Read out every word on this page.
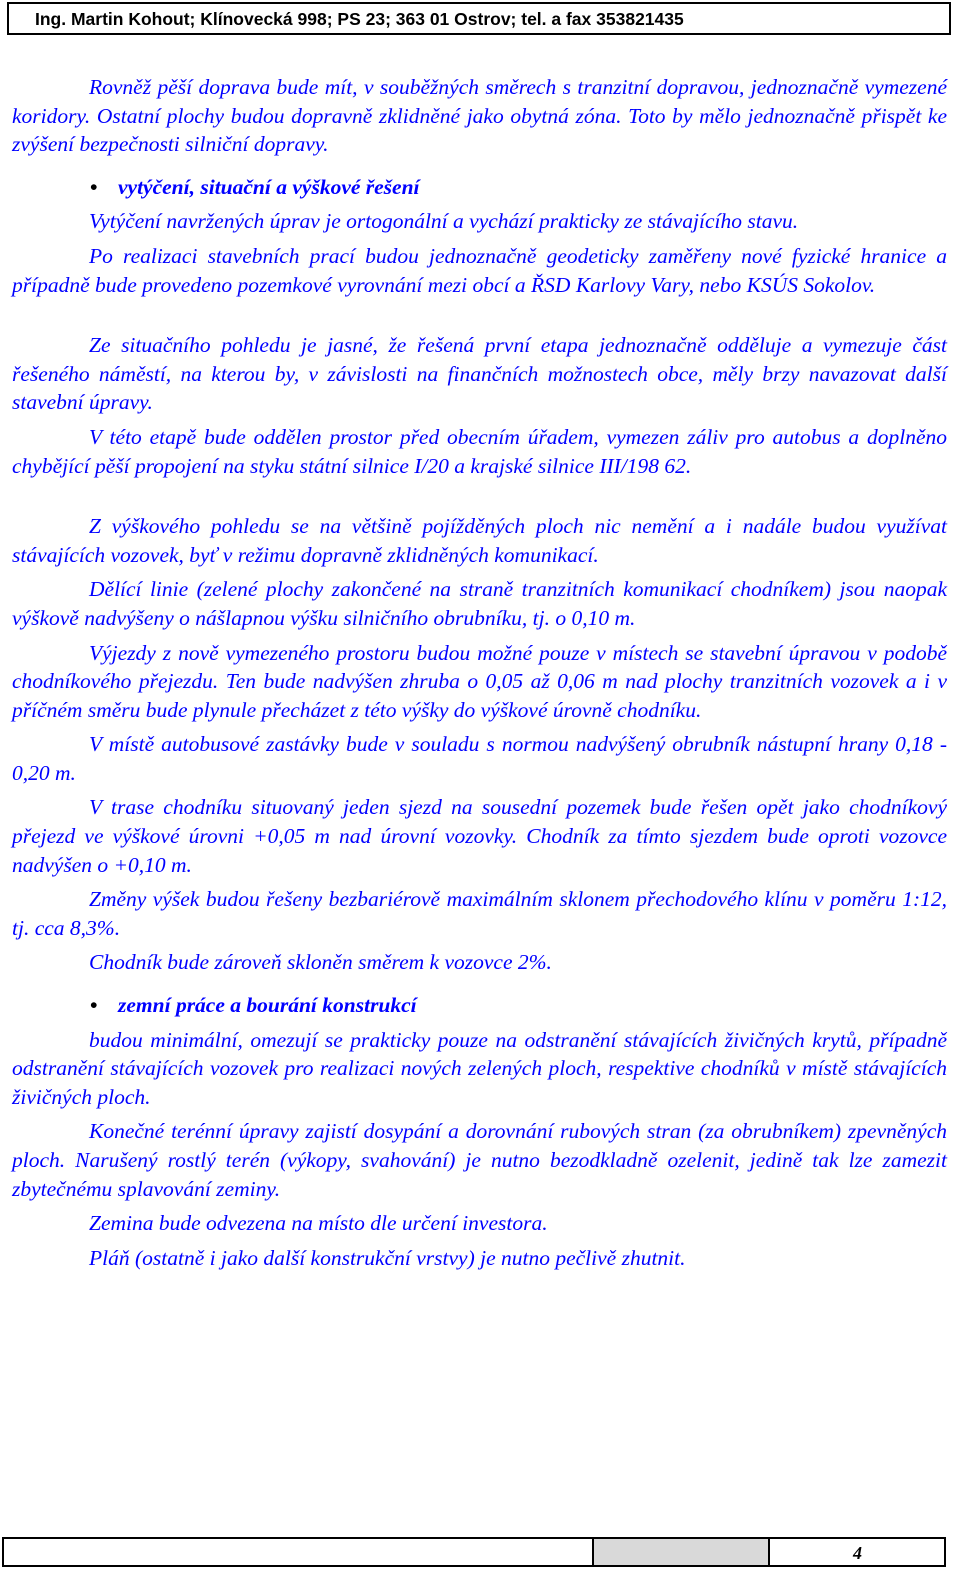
Ing. Martin Kohout; Klínovecká 998; PS 23; 363 01 Ostrov; tel. a fax 353821435

Rovněž pěší doprava bude mít, v souběžných směrech s tranzitní dopravou, jednoznačně vymezené koridory. Ostatní plochy budou dopravně zklidněné jako obytná zóna. Toto by mělo jednoznačně přispět ke zvýšení bezpečnosti silniční dopravy.

• vytýčení, situační a výškové řešení

Vytýčení navržených úprav je ortogonální a vychází prakticky ze stávajícího stavu.

Po realizaci stavebních prací budou jednoznačně geodeticky zaměřeny nové fyzické hranice a případně bude provedeno pozemkové vyrovnání mezi obcí a ŘSD Karlovy Vary, nebo KSÚS Sokolov.

Ze situačního pohledu je jasné, že řešená první etapa jednoznačně odděluje a vymezuje část řešeného náměstí, na kterou by, v závislosti na finančních možnostech obce, měly brzy navazovat další stavební úpravy.

V této etapě bude oddělen prostor před obecním úřadem, vymezen záliv pro autobus a doplněno chybějící pěší propojení na styku státní silnice I/20 a krajské silnice III/198 62.

Z výškového pohledu se na většině pojížděných ploch nic nemění a i nadále budou využívat stávajících vozovek, byť v režimu dopravně zklidněných komunikací.

Dělící linie (zelené plochy zakončené na straně tranzitních komunikací chodníkem) jsou naopak výškově nadvýšeny o nášlapnou výšku silničního obrubníku, tj. o 0,10 m.

Výjezdy z nově vymezeného prostoru budou možné pouze v místech se stavební úpravou v podobě chodníkového přejezdu. Ten bude nadvýšen zhruba o 0,05 až 0,06 m nad plochy tranzitních vozovek a i v příčném směru bude plynule přecházet z této výšky do výškové úrovně chodníku.

V místě autobusové zastávky bude v souladu s normou nadvýšený obrubník nástupní hrany 0,18 - 0,20 m.

V trase chodníku situovaný jeden sjezd na sousední pozemek bude řešen opět jako chodníkový přejezd ve výškové úrovni +0,05 m nad úrovní vozovky. Chodník za tímto sjezdem bude oproti vozovce nadvýšen o +0,10 m.

Změny výšek budou řešeny bezbariérově maximálním sklonem přechodového klínu v poměru 1:12, tj. cca 8,3%.

Chodník bude zároveň skloněn směrem k vozovce 2%.

• zemní práce a bourání konstrukcí

budou minimální, omezují se prakticky pouze na odstranění stávajících živičných krytů, případně odstranění stávajících vozovek pro realizaci nových zelených ploch, respektive chodníků v místě stávajících živičných ploch.

Konečné terénní úpravy zajistí dosypání a dorovnání rubových stran (za obrubníkem) zpevněných ploch. Narušený rostlý terén (výkopy, svahování) je nutno bezodkladně ozelenit, jedině tak lze zamezit zbytečnému splavování zeminy.

Zemina bude odvezena na místo dle určení investora.

Pláň (ostatně i jako další konstrukční vrstvy) je nutno pečlivě zhutnit.

4
